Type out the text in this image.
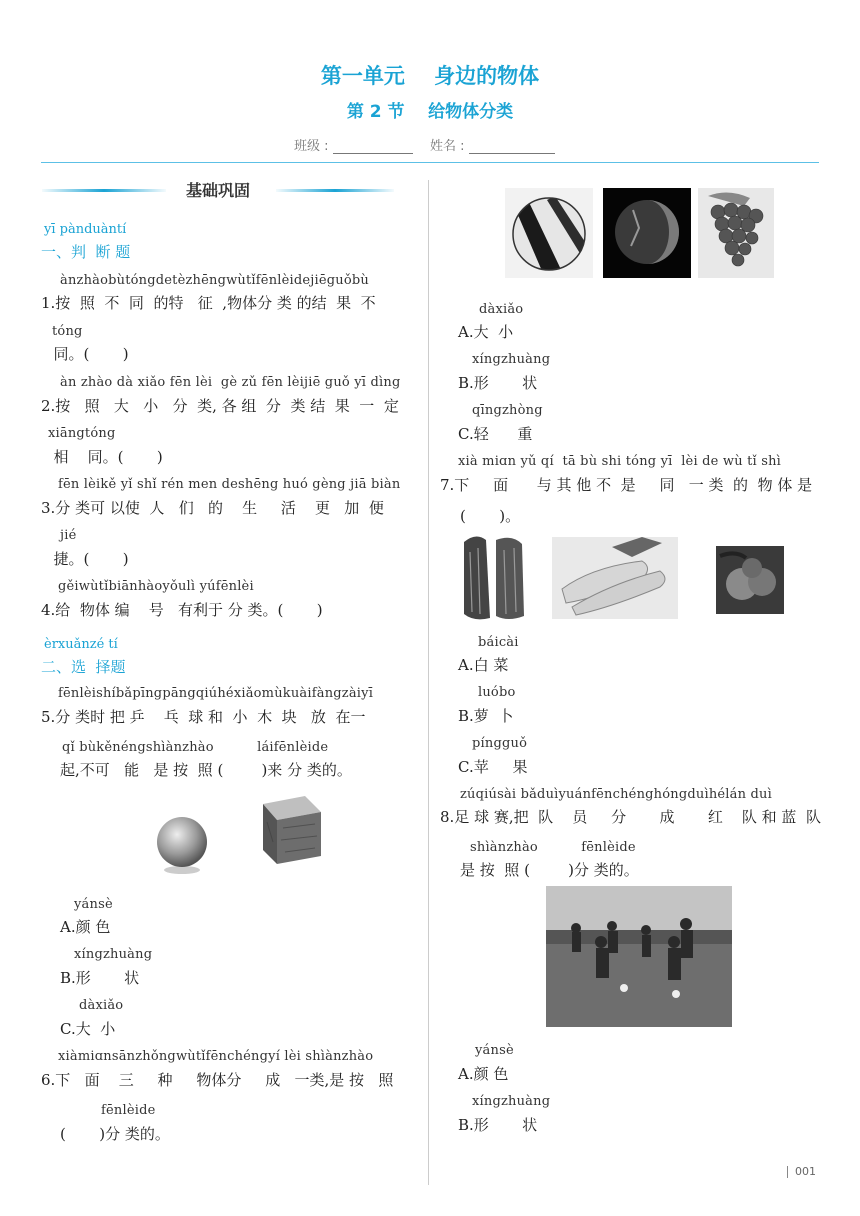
第一单元    身边的物体
第 2 节    给物体分类
班级 :	姓名 :
基础巩固
yī pànduàntí
一、判  断 题
ànzhàobùtóngdetèzhēngwùtǐfēnlèidejiēguǒbù
1.按  照  不  同  的特   征  ,物体分 类 的结  果  不
tóng
同。(       )
àn zhào dà xiǎo fēn lèi  gè zǔ fēn lèijiē guǒ yī dìng
2.按   照   大   小   分  类, 各 组  分  类 结  果  一  定
xiāngtóng
相    同。(       )
fēn lèikě yǐ shǐ rén men deshēng huó gèng jiā biàn
3.分 类可 以使  人   们   的    生     活    更   加  便
jié
捷。(       )
gěiwùtǐbiānhàoyǒulì yúfēnlèi
4.给  物体 编    号   有利于 分 类。(       )
èrxuǎnzé tí
二、选  择题
fēnlèishíbǎpīngpāngqiúhéxiǎomùkuàifàngzàiyī
5.分 类时 把 乒    乓  球 和  小  木  块   放  在一
qǐ bùkěnéngshìànzhào          láifēnlèide
起,不可   能   是 按  照 (        )来 分 类的。
yánsè
A.颜 色
xíngzhuàng
B.形       状
dàxiǎo
C.大  小
xiàmiɑnsānzhǒngwùtǐfēnchéngyí lèi shìànzhào
6.下   面    三     种     物体分     成   一类,是 按   照
fēnlèide
(       )分 类的。
dàxiǎo
A.大  小
xíngzhuàng
B.形       状
qīngzhòng
C.轻      重
xià miɑn yǔ qí  tā bù shi tóng yī  lèi de wù tǐ shì
7.下     面      与 其 他 不  是     同   一 类  的  物 体 是
(       )。
báicài
A.白 菜
luóbo
B.萝  卜
píngguǒ
C.苹     果
zúqiúsài bǎduìyuánfēnchénghóngduìhélán duì
8.足 球 赛,把  队    员     分       成       红    队 和 蓝  队
shìànzhào          fēnlèide
是 按  照 (        )分 类的。
yánsè
A.颜 色
xíngzhuàng
B.形       状
001
